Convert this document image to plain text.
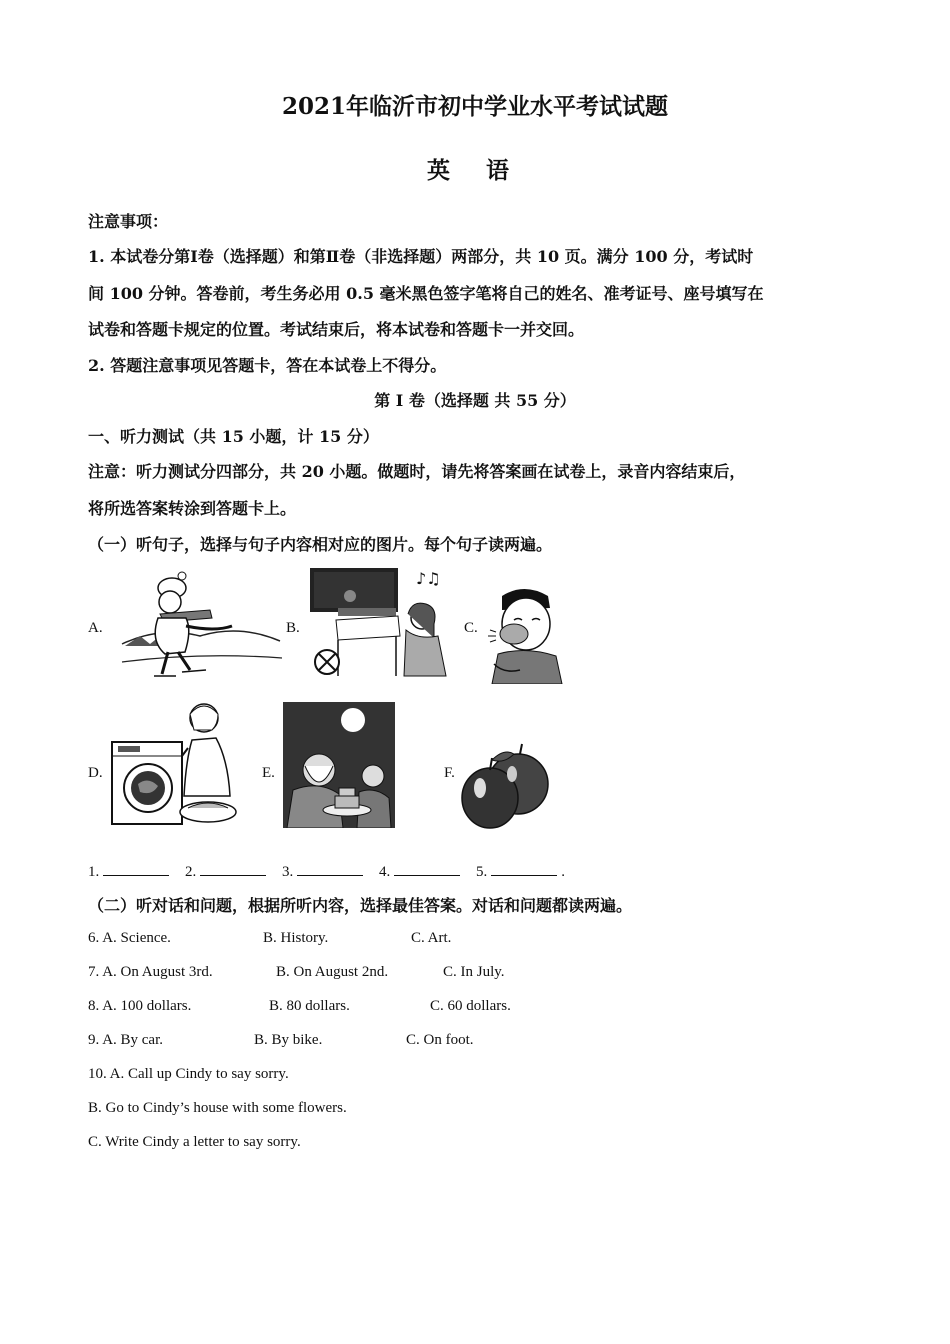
2021年临沂市初中学业水平考试试题
英 语
注意事项：
1. 本试卷分第Ⅰ卷（选择题）和第Ⅱ卷（非选择题）两部分，共 10 页。满分 100 分，考试时
间 100 分钟。答卷前，考生务必用 0.5 毫米黑色签字笔将自己的姓名、准考证号、座号填写在
试卷和答题卡规定的位置。考试结束后，将本试卷和答题卡一并交回。
2. 答题注意事项见答题卡，答在本试卷上不得分。
第 I 卷（选择题 共 55 分）
一、听力测试（共 15 小题，计 15 分）
注意：听力测试分四部分，共 20 小题。做题时，请先将答案画在试卷上，录音内容结束后，
将所选答案转涂到答题卡上。
（一）听句子，选择与句子内容相对应的图片。每个句子读两遍。
A.	B.
♪♫
C.
D.	E.	F.
1.	2.	3.	4.	5.	.
（二）听对话和问题，根据所听内容，选择最佳答案。对话和问题都读两遍。
6. A. Science.	B. History.	C. Art.
7. A. On August 3rd.	B. On August 2nd.	C. In July.
8. A. 100 dollars.	B. 80 dollars.	C. 60 dollars.
9. A. By car.	B. By bike.	C. On foot.
10. A. Call up Cindy to say sorry.
B. Go to Cindy’s house with some flowers.
C. Write Cindy a letter to say sorry.
